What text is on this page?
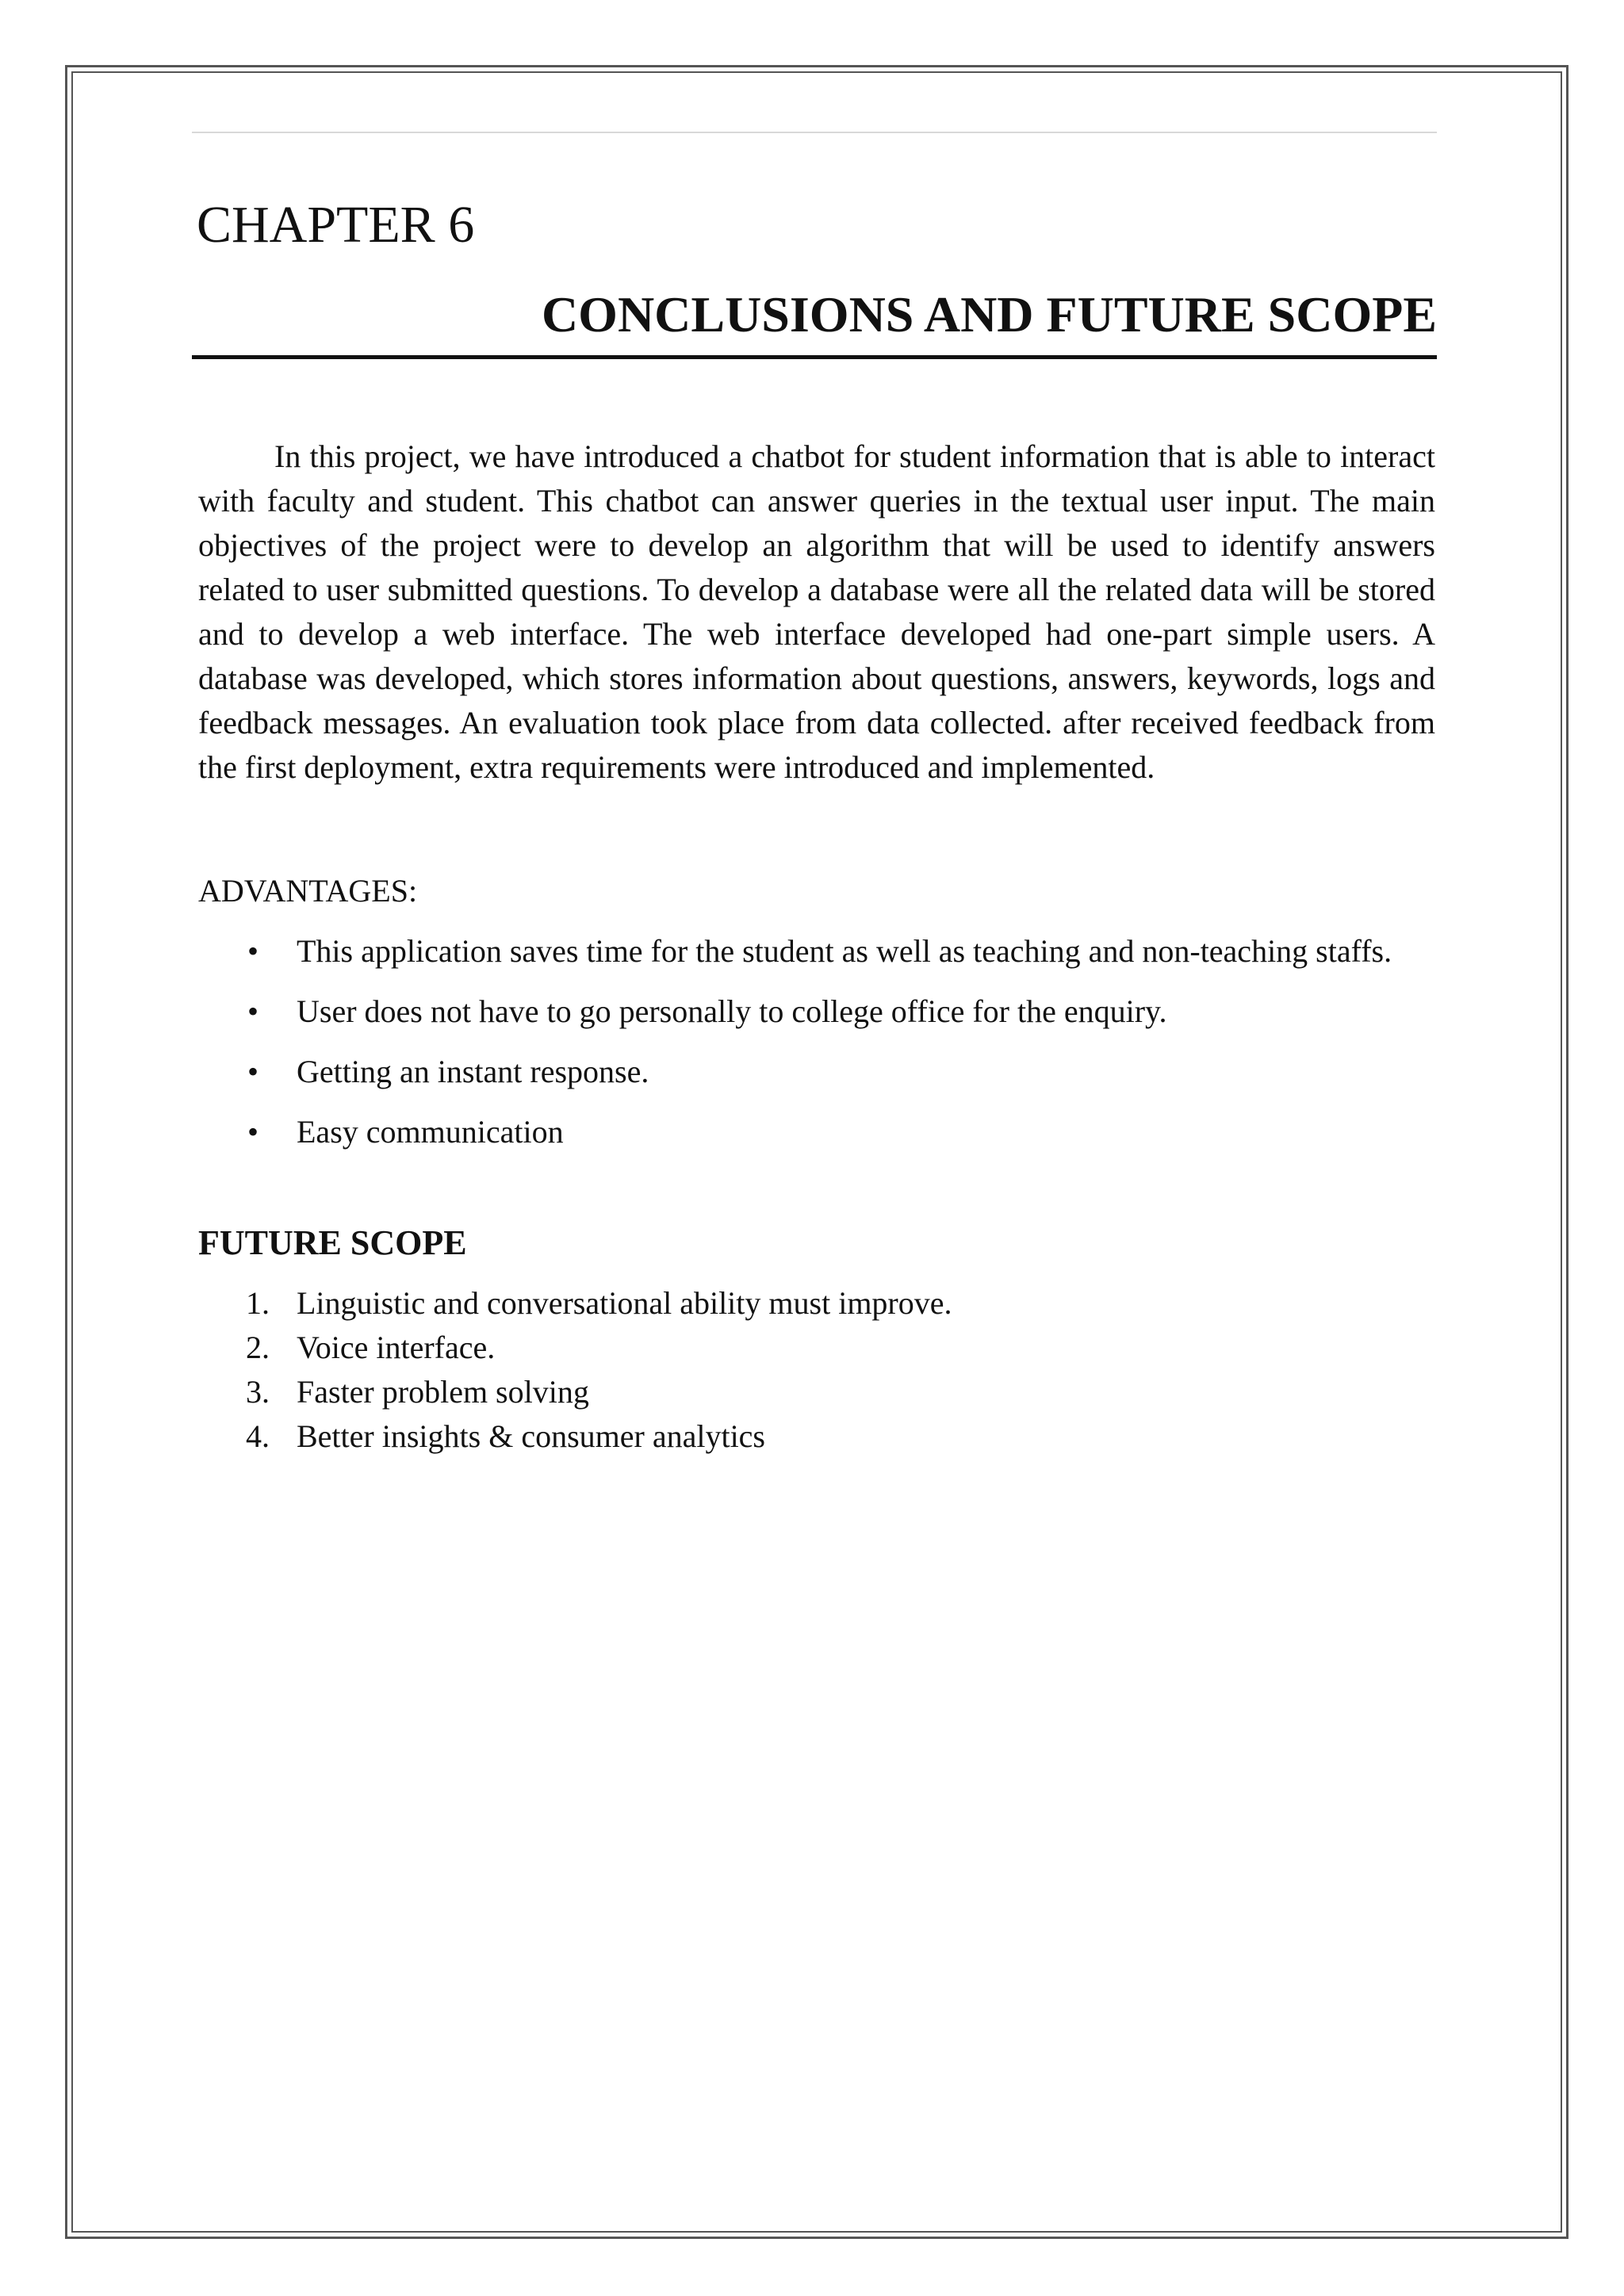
CHAPTER 6
CONCLUSIONS AND FUTURE SCOPE

In this project, we have introduced a chatbot for student information that is able to interact with faculty and student. This chatbot can answer queries in the textual user input. The main objectives of the project were to develop an algorithm that will be used to identify answers related to user submitted questions. To develop a database were all the related data will be stored and to develop a web interface. The web interface developed had one-part simple users. A database was developed, which stores information about questions, answers, keywords, logs and feedback messages. An evaluation took place from data collected. after received feedback from the first deployment, extra requirements were introduced and implemented.

ADVANTAGES:
• This application saves time for the student as well as teaching and non-teaching staffs.
• User does not have to go personally to college office for the enquiry.
• Getting an instant response.
• Easy communication
FUTURE SCOPE
1. Linguistic and conversational ability must improve.
2. Voice interface.
3. Faster problem solving
4. Better insights & consumer analytics
